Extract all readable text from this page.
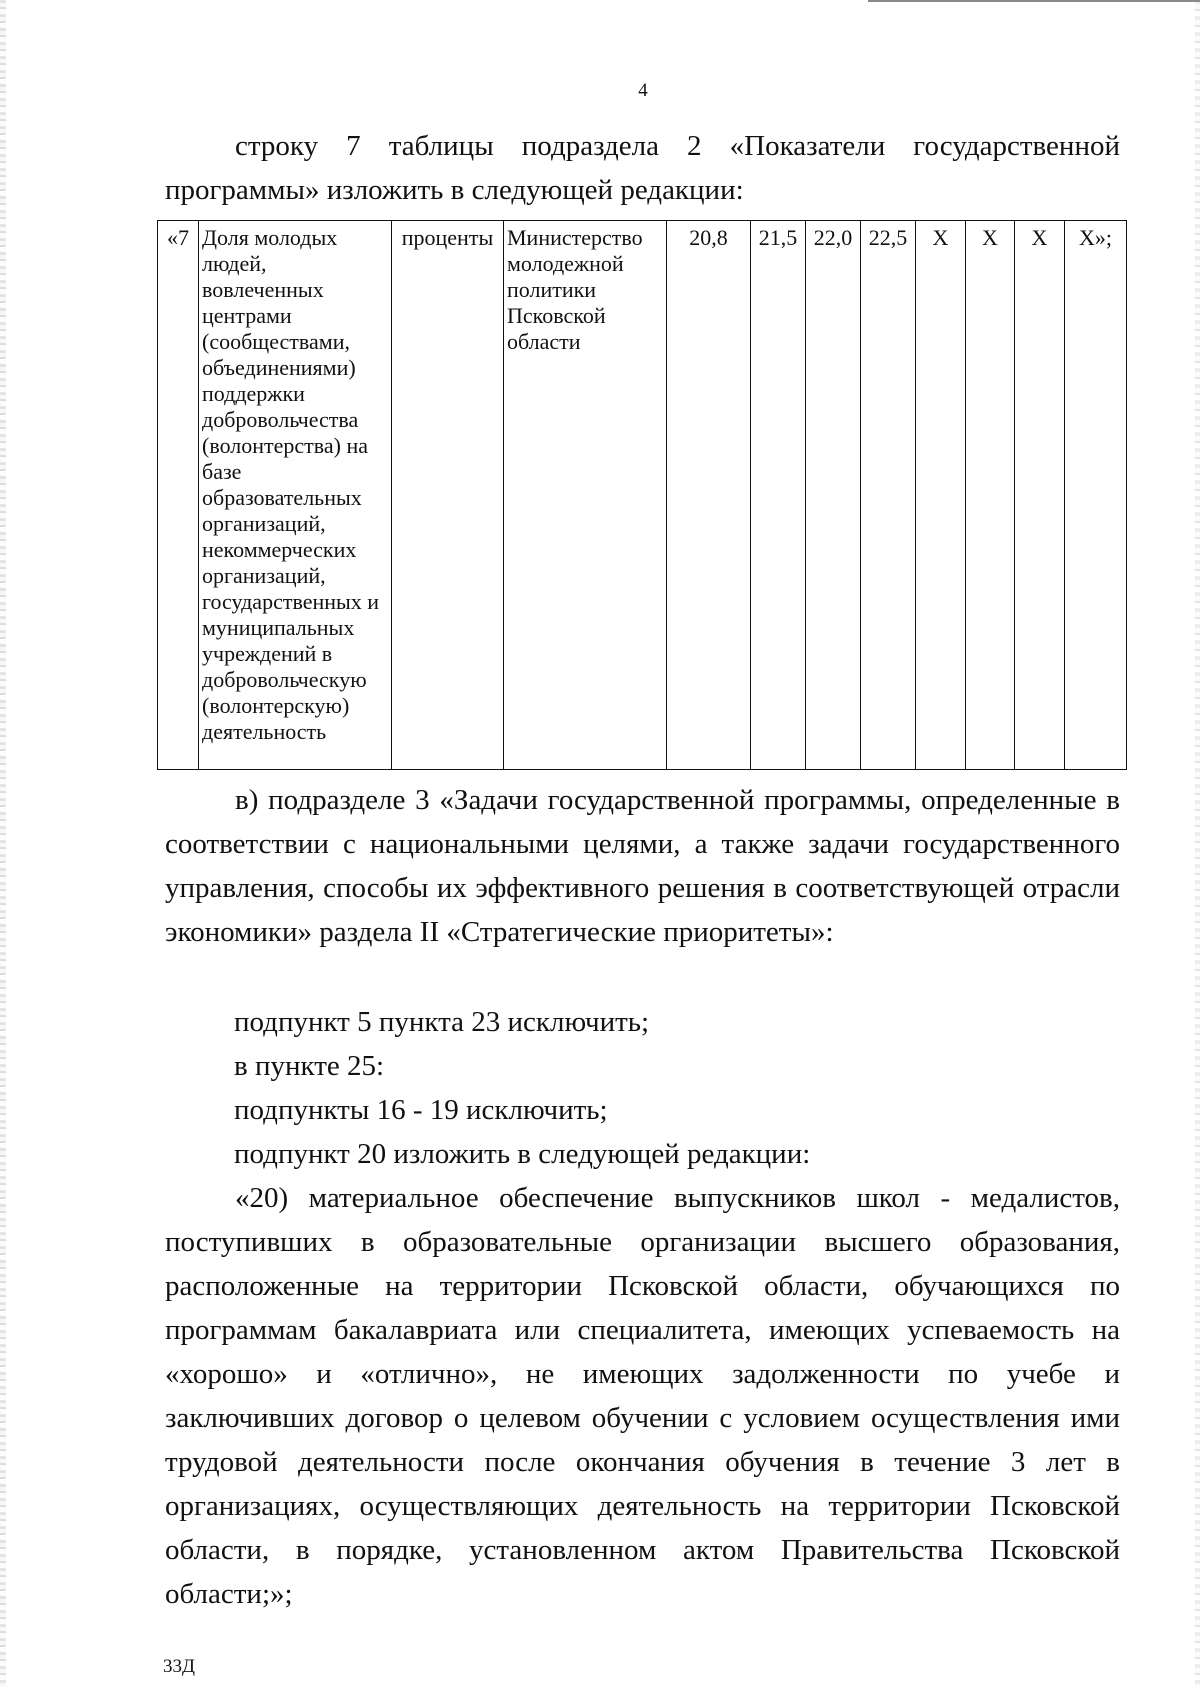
4

строку 7 таблицы подраздела 2 «Показатели государственной программы» изложить в следующей редакции:

«7	Доля молодых людей, вовлеченных центрами (сообществами, объединениями) поддержки добровольчества (волонтерства) на базе образовательных организаций, некоммерческих организаций, государственных и муниципальных учреждений в добровольческую (волонтерскую) деятельность	проценты	Министерство молодежной политики Псковской области	20,8	21,5	22,0	22,5	Х	Х	Х	Х»;

в) подразделе 3 «Задачи государственной программы, определенные в соответствии с национальными целями, а также задачи государственного управления, способы их эффективного решения в соответствующей отрасли экономики» раздела II «Стратегические приоритеты»:

подпункт 5 пункта 23 исключить;

в пункте 25:

подпункты 16 - 19 исключить;

подпункт 20 изложить в следующей редакции:

«20) материальное обеспечение выпускников школ - медалистов, поступивших в образовательные организации высшего образования, расположенные на территории Псковской области, обучающихся по программам бакалавриата или специалитета, имеющих успеваемость на «хорошо» и «отлично», не имеющих задолженности по учебе и заключивших договор о целевом обучении с условием осуществления ими трудовой деятельности после окончания обучения в течение 3 лет в организациях, осуществляющих деятельность на территории Псковской области, в порядке, установленном актом Правительства Псковской области;»;

33Д
